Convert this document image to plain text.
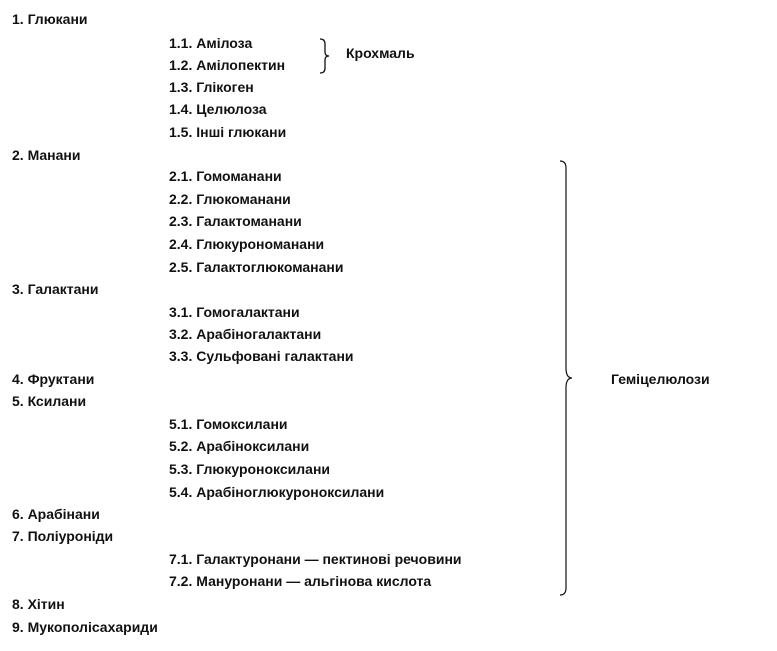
1. Глюкани
1.1. Амілоза
1.2. Амілопектин
1.3. Глікоген
1.4. Целюлоза
1.5. Інші глюкани
2. Манани
2.1. Гомоманани
2.2. Глюкоманани
2.3. Галактоманани
2.4. Глюкурономанани
2.5. Галактоглюкоманани
3. Галактани
3.1. Гомогалактани
3.2. Арабіногалактани
3.3. Сульфовані галактани
4. Фруктани
5. Ксилани
5.1. Гомоксилани
5.2. Арабіноксилани
5.3. Глюкуроноксилани
5.4. Арабіноглюкуроноксилани
6. Арабінани
7. Поліурoніди
7.1. Галактуронани — пектинові речовини
7.2. Мануронани — альгінова кислота
8. Хітин
9. Мукополісахариди
Крохмаль
Геміцелюлози
